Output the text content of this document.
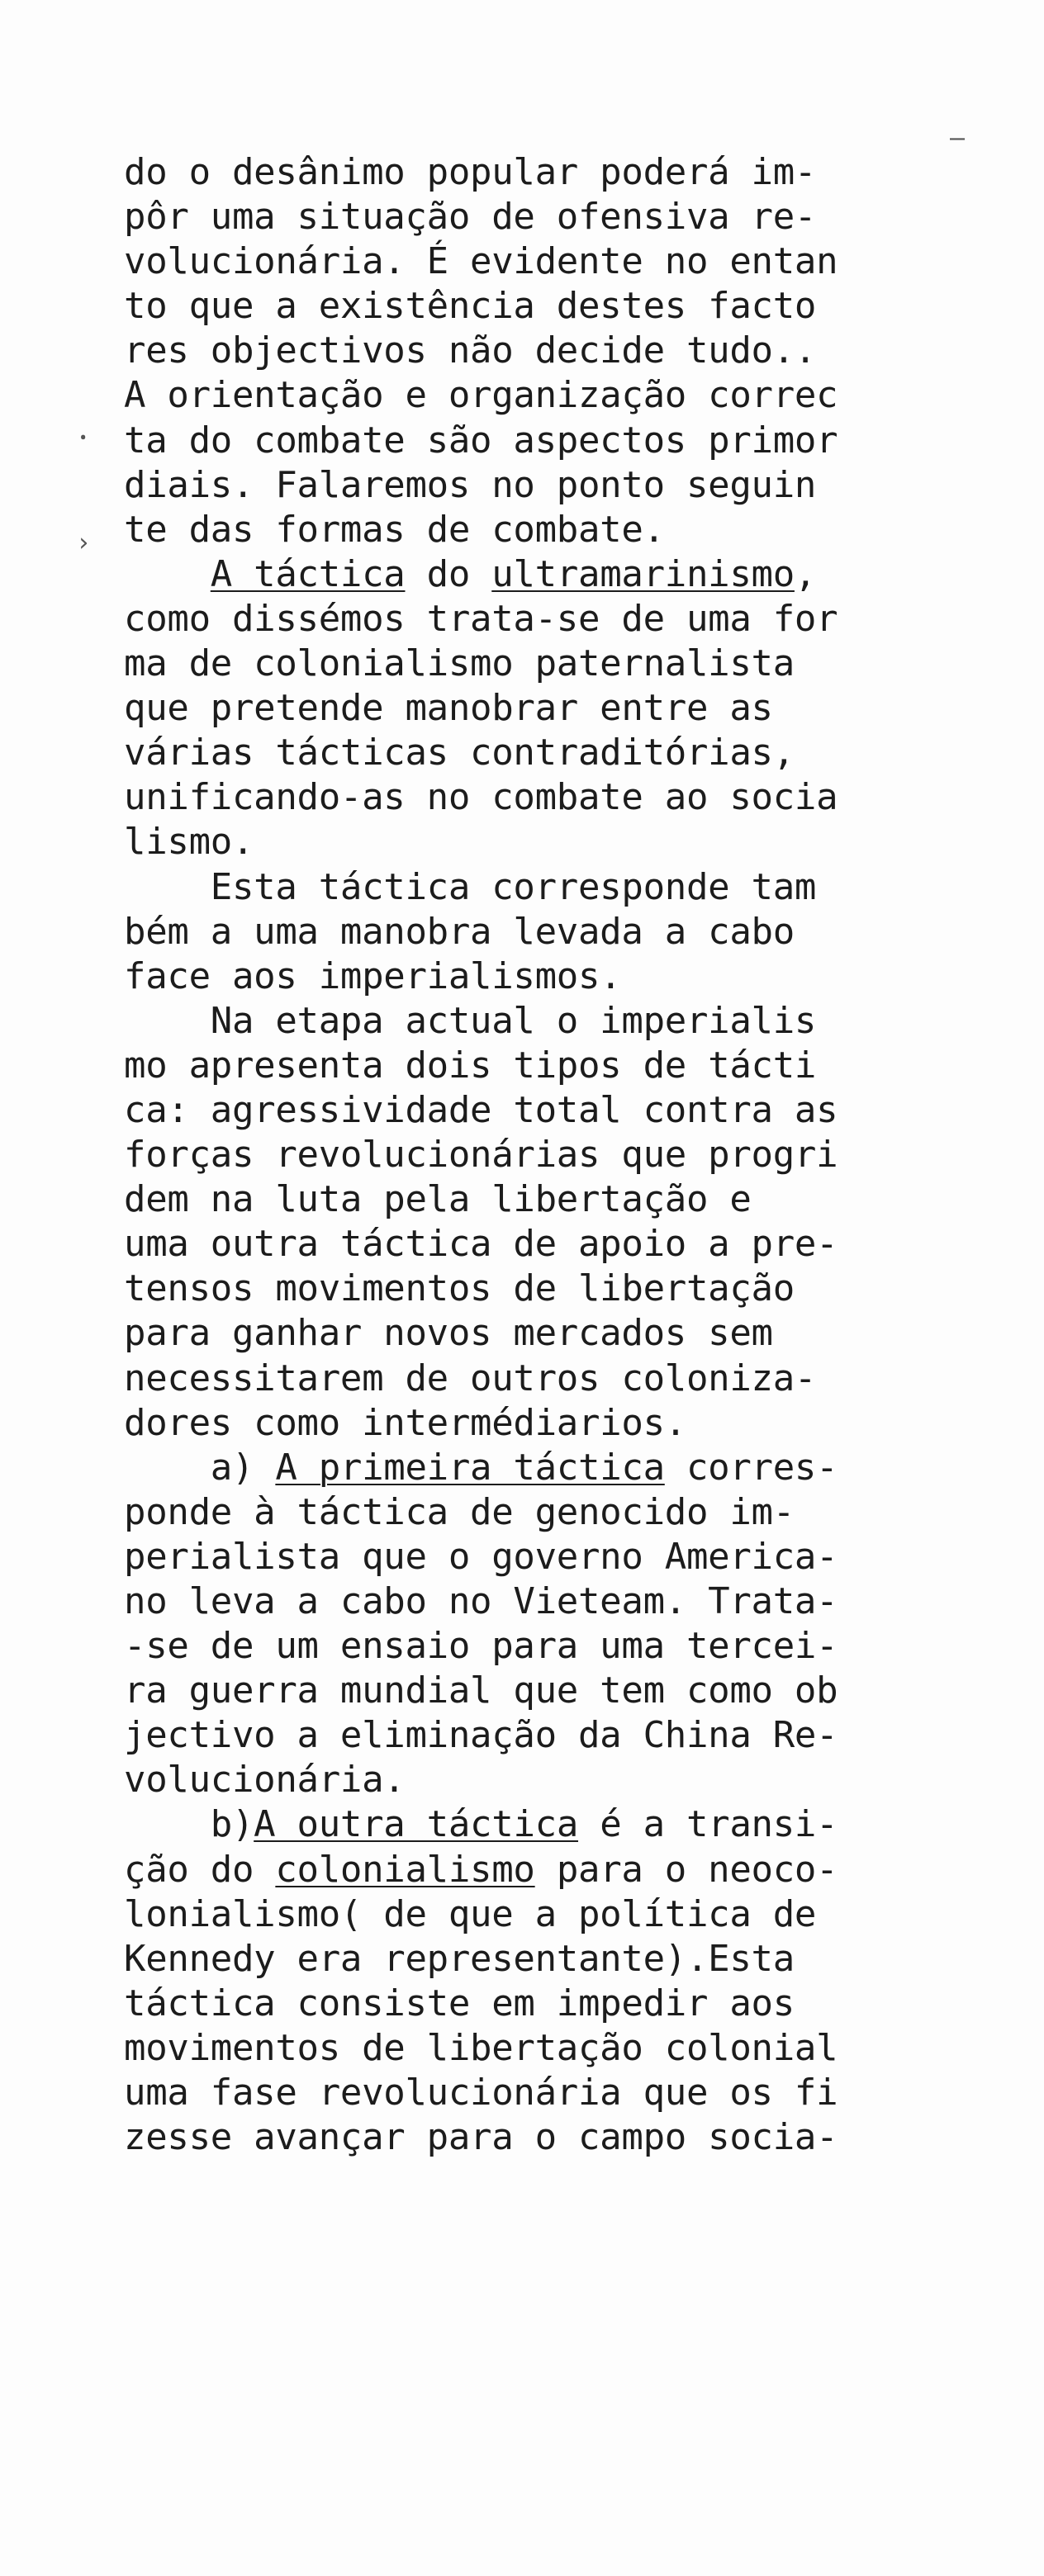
—
ꞏ
›
do o desânimo popular poderá im-
pôr uma situação de ofensiva re-
volucionária. É evidente no entan
to que a existência destes facto
res objectivos não decide tudo..
A orientação e organização correc
ta do combate são aspectos primor
diais. Falaremos no ponto seguin
te das formas de combate.
A táctica do ultramarinismo,
como dissémos trata-se de uma for
ma de colonialismo paternalista
que pretende manobrar entre as
várias tácticas contraditórias,
unificando-as no combate ao socia
lismo.
Esta táctica corresponde tam
bém a uma manobra levada a cabo
face aos imperialismos.
Na etapa actual o imperialis
mo apresenta dois tipos de tácti
ca: agressividade total contra as
forças revolucionárias que progri
dem na luta pela libertação e
uma outra táctica de apoio a pre-
tensos movimentos de libertação
para ganhar novos mercados sem
necessitarem de outros coloniza-
dores como intermédiarios.
a) A primeira táctica corres-
ponde à táctica de genocido im-
perialista que o governo America-
no leva a cabo no Vieteam. Trata-
-se de um ensaio para uma tercei-
ra guerra mundial que tem como ob
jectivo a eliminação da China Re-
volucionária.
b)A outra táctica é a transi-
ção do colonialismo para o neoco-
lonialismo( de que a política de
Kennedy era representante).Esta
táctica consiste em impedir aos
movimentos de libertação colonial
uma fase revolucionária que os fi
zesse avançar para o campo socia-
